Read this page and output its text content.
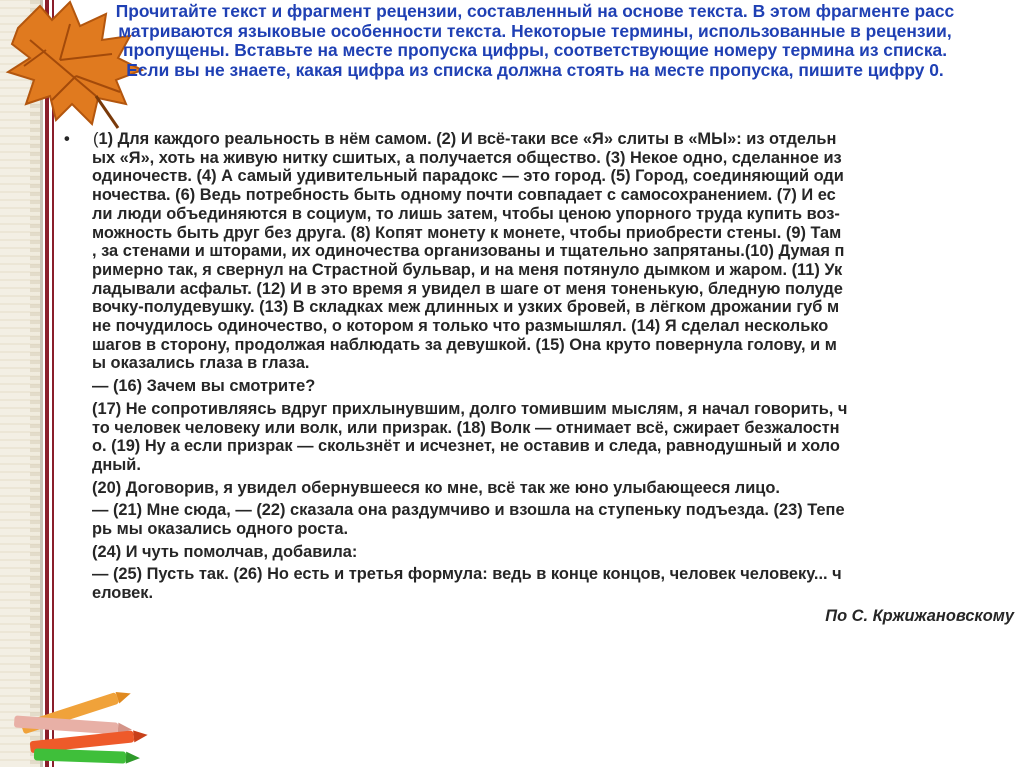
Прочитайте текст и фрагмент рецензии, составленный на основе текста. В этом фрагменте расс
матриваются языковые особенности текста. Некоторые термины, использованные в рецензии,
пропущены. Вставьте на месте пропуска цифры, соответствующие номеру термина из списка.
Если вы не знаете, какая цифра из списка должна стоять на месте пропуска, пишите цифру 0.

• (1) Для каждого реальность в нём самом. (2) И всё-таки все «Я» слиты в «МЫ»: из отдельн

ых «Я», хоть на живую нитку сшитых, а получается общество. (3) Некое одно, сделанное из

одиночеств. (4) А самый удивительный парадокс — это город. (5) Город, соединяющий оди

ночества. (6) Ведь потребность быть одному почти совпадает с самосохранением. (7) И ес

ли люди объединяются в социум, то лишь затем, чтобы ценою упорного труда купить воз-

можность быть друг без друга. (8) Копят монету к монете, чтобы приобрести стены. (9) Там

, за стенами и шторами, их одиночества организованы и тщательно запрятаны.(10) Думая п

римерно так, я свернул на Страстной бульвар, и на меня потянуло дымком и жаром. (11) Ук

ладывали асфальт. (12) И в это время я увидел в шаге от меня тоненькую, бледную полуде

вочку-полудевушку. (13) В складках меж длинных и узких бровей, в лёгком дрожании губ м

не почудилось одиночество, о котором я только что размышлял. (14) Я сделал несколько

шагов в сторону, продолжая наблюдать за девушкой. (15) Она круто повернула голову, и м

ы оказались глаза в глаза.

— (16) Зачем вы смотрите?

(17) Не сопротивляясь вдруг прихлынувшим, долго томившим мыслям, я начал говорить, ч

то человек человеку или волк, или призрак. (18) Волк — отнимает всё, сжирает безжалостн

о. (19) Ну а если призрак — скользнёт и исчезнет, не оставив и следа, равнодушный и холо

дный.

(20) Договорив, я увидел обернувшееся ко мне, всё так же юно улыбающееся лицо.

— (21) Мне сюда, — (22) сказала она раздумчиво и взошла на ступеньку подъезда. (23) Тепе

рь мы оказались одного роста.

(24) И чуть помолчав, добавила:

— (25) Пусть так. (26) Но есть и третья формула: ведь в конце концов, человек человеку... ч

еловек.

По С. Кржижановскому
